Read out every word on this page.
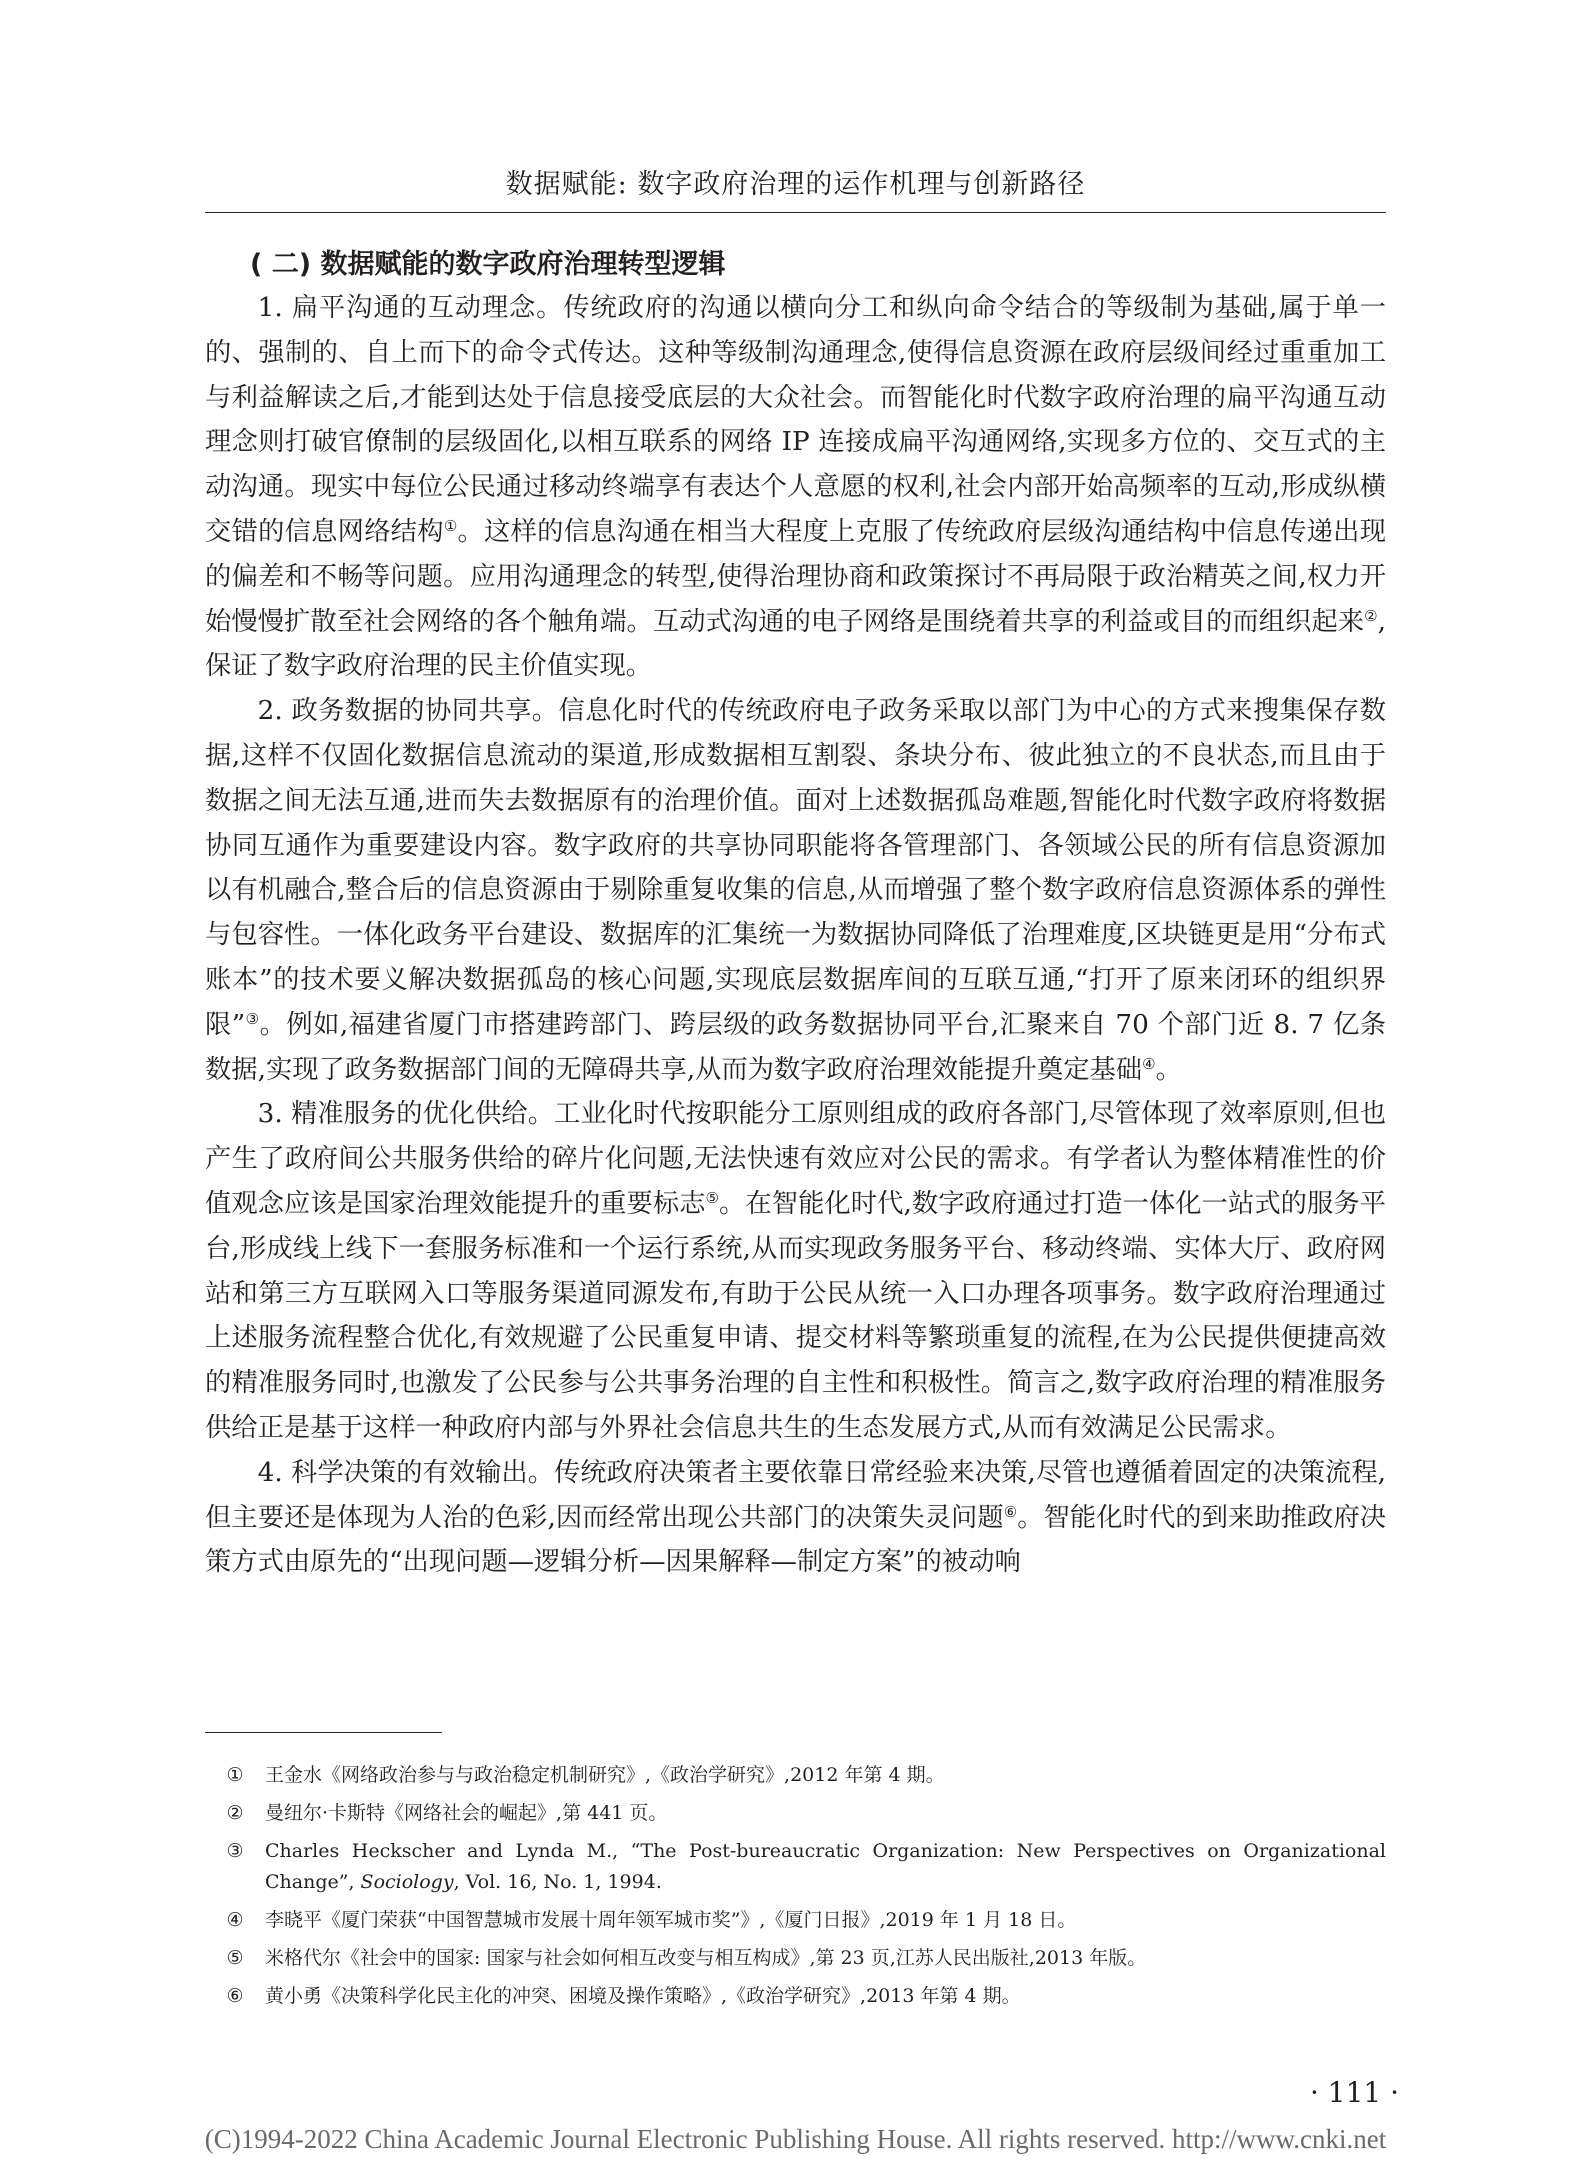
数据赋能: 数字政府治理的运作机理与创新路径
( 二) 数据赋能的数字政府治理转型逻辑

1. 扁平沟通的互动理念。传统政府的沟通以横向分工和纵向命令结合的等级制为基础,属于单一的、强制的、自上而下的命令式传达。这种等级制沟通理念,使得信息资源在政府层级间经过重重加工与利益解读之后,才能到达处于信息接受底层的大众社会。而智能化时代数字政府治理的扁平沟通互动理念则打破官僚制的层级固化,以相互联系的网络 IP 连接成扁平沟通网络,实现多方位的、交互式的主动沟通。现实中每位公民通过移动终端享有表达个人意愿的权利,社会内部开始高频率的互动,形成纵横交错的信息网络结构①。这样的信息沟通在相当大程度上克服了传统政府层级沟通结构中信息传递出现的偏差和不畅等问题。应用沟通理念的转型,使得治理协商和政策探讨不再局限于政治精英之间,权力开始慢慢扩散至社会网络的各个触角端。互动式沟通的电子网络是围绕着共享的利益或目的而组织起来②,保证了数字政府治理的民主价值实现。

2. 政务数据的协同共享。信息化时代的传统政府电子政务采取以部门为中心的方式来搜集保存数据,这样不仅固化数据信息流动的渠道,形成数据相互割裂、条块分布、彼此独立的不良状态,而且由于数据之间无法互通,进而失去数据原有的治理价值。面对上述数据孤岛难题,智能化时代数字政府将数据协同互通作为重要建设内容。数字政府的共享协同职能将各管理部门、各领域公民的所有信息资源加以有机融合,整合后的信息资源由于剔除重复收集的信息,从而增强了整个数字政府信息资源体系的弹性与包容性。一体化政务平台建设、数据库的汇集统一为数据协同降低了治理难度,区块链更是用“分布式账本”的技术要义解决数据孤岛的核心问题,实现底层数据库间的互联互通,“打开了原来闭环的组织界限”③。例如,福建省厦门市搭建跨部门、跨层级的政务数据协同平台,汇聚来自 70 个部门近 8. 7 亿条数据,实现了政务数据部门间的无障碍共享,从而为数字政府治理效能提升奠定基础④。

3. 精准服务的优化供给。工业化时代按职能分工原则组成的政府各部门,尽管体现了效率原则,但也产生了政府间公共服务供给的碎片化问题,无法快速有效应对公民的需求。有学者认为整体精准性的价值观念应该是国家治理效能提升的重要标志⑤。在智能化时代,数字政府通过打造一体化一站式的服务平台,形成线上线下一套服务标准和一个运行系统,从而实现政务服务平台、移动终端、实体大厅、政府网站和第三方互联网入口等服务渠道同源发布,有助于公民从统一入口办理各项事务。数字政府治理通过上述服务流程整合优化,有效规避了公民重复申请、提交材料等繁琐重复的流程,在为公民提供便捷高效的精准服务同时,也激发了公民参与公共事务治理的自主性和积极性。简言之,数字政府治理的精准服务供给正是基于这样一种政府内部与外界社会信息共生的生态发展方式,从而有效满足公民需求。

4. 科学决策的有效输出。传统政府决策者主要依靠日常经验来决策,尽管也遵循着固定的决策流程,但主要还是体现为人治的色彩,因而经常出现公共部门的决策失灵问题⑥。智能化时代的到来助推政府决策方式由原先的“出现问题—逻辑分析—因果解释—制定方案”的被动响

①	王金水《网络政治参与与政治稳定机制研究》,《政治学研究》,2012 年第 4 期。
②	曼纽尔·卡斯特《网络社会的崛起》,第 441 页。
③	Charles Heckscher and Lynda M., “The Post-bureaucratic Organization: New Perspectives on Organizational Change”, Sociology, Vol. 16, No. 1, 1994.
④	李晓平《厦门荣获“中国智慧城市发展十周年领军城市奖”》,《厦门日报》,2019 年 1 月 18 日。
⑤	米格代尔《社会中的国家: 国家与社会如何相互改变与相互构成》,第 23 页,江苏人民出版社,2013 年版。
⑥	黄小勇《决策科学化民主化的冲突、困境及操作策略》,《政治学研究》,2013 年第 4 期。
· 111 ·
(C)1994-2022 China Academic Journal Electronic Publishing House. All rights reserved. http://www.cnki.net
